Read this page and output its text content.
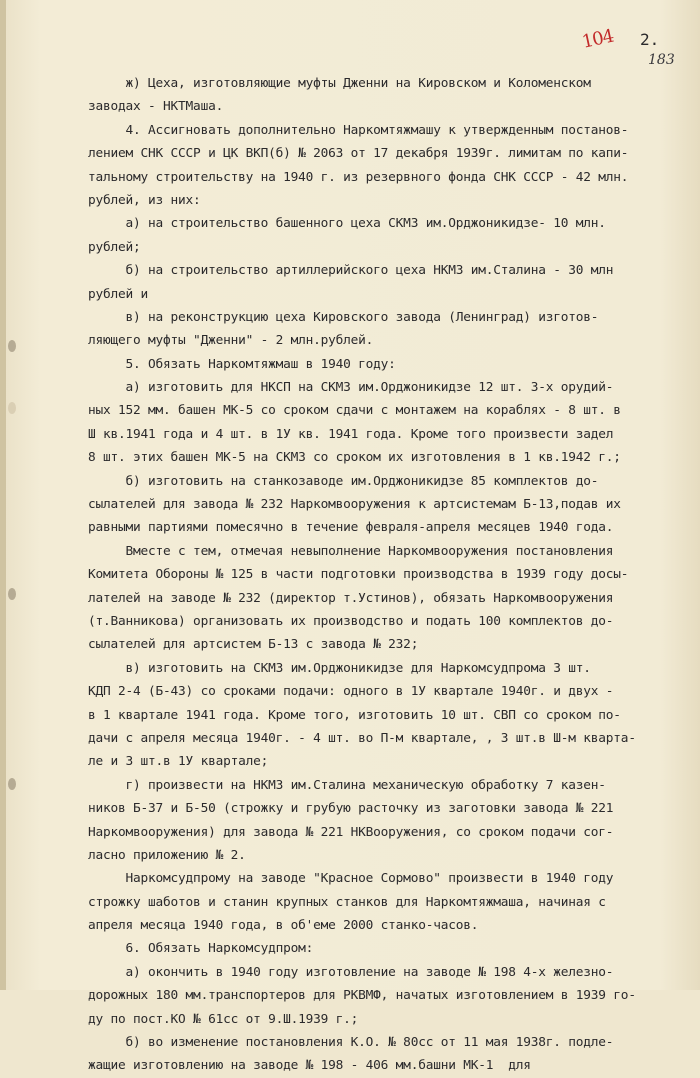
104	2.
183
ж) Цеха, изготовляющие муфты Дженни на Кировском и Коломенском
заводах - НКТМаша.
4. Ассигновать дополнительно Наркомтяжмашу к утвержденным постанов-
лением СНК СССР и ЦК ВКП(б) № 2063 от 17 декабря 1939г. лимитам по капи-
тальному строительству на 1940 г. из резервного фонда СНК СССР - 42 млн.
рублей, из них:
а) на строительство башенного цеха СКМЗ им.Орджоникидзе- 10 млн.
рублей;
б) на строительство артиллерийского цеха НКМЗ им.Сталина - 30 млн
рублей и
в) на реконструкцию цеха Кировского завода (Ленинград) изготов-
ляющего муфты "Дженни" - 2 млн.рублей.
5. Обязать Наркомтяжмаш в 1940 году:
а) изготовить для НКСП на СКМЗ им.Орджоникидзе 12 шт. 3-х орудий-
ных 152 мм. башен МК-5 со сроком сдачи с монтажем на кораблях - 8 шт. в
Ш кв.1941 года и 4 шт. в 1У кв. 1941 года. Кроме того произвести задел
8 шт. этих башен МК-5 на СКМЗ со сроком их изготовления в 1 кв.1942 г.;
б) изготовить на станкозаводе им.Орджоникидзе 85 комплектов до-
сылателей для завода № 232 Наркомвооружения к артсистемам Б-13,подав их
равными партиями помесячно в течение февраля-апреля месяцев 1940 года.
Вместе с тем, отмечая невыполнение Наркомвооружения постановления
Комитета Обороны № 125 в части подготовки производства в 1939 году досы-
лателей на заводе № 232 (директор т.Устинов), обязать Наркомвооружения
(т.Ванникова) организовать их производство и подать 100 комплектов до-
сылателей для артсистем Б-13 с завода № 232;
в) изготовить на СКМЗ им.Орджоникидзе для Наркомсудпрома 3 шт.
КДП 2-4 (Б-43) со сроками подачи: одного в 1У квартале 1940г. и двух -
в 1 квартале 1941 года. Кроме того, изготовить 10 шт. СВП со сроком по-
дачи с апреля месяца 1940г. - 4 шт. во П-м квартале, , 3 шт.в Ш-м кварта-
ле и 3 шт.в 1У квартале;
г) произвести на НКМЗ им.Сталина механическую обработку 7 казен-
ников Б-37 и Б-50 (строжку и грубую расточку из заготовки завода № 221
Наркомвооружения) для завода № 221 НКВооружения, со сроком подачи сог-
ласно приложению № 2.
Наркомсудпрому на заводе "Красное Сормово" произвести в 1940 году
строжку шаботов и станин крупных станков для Наркомтяжмаша, начиная с
апреля месяца 1940 года, в об'еме 2000 станко-часов.
6. Обязать Наркомсудпром:
а) окончить в 1940 году изготовление на заводе № 198 4-х железно-
дорожных 180 мм.транспортеров для РКВМФ, начатых изготовлением в 1939 го-
ду по пост.КО № 61сс от 9.Ш.1939 г.;
б) во изменение постановления К.О. № 80сс от 11 мая 1938г. подле-
жащие изготовлению на заводе № 198 - 406 мм.башни МК-1  для
